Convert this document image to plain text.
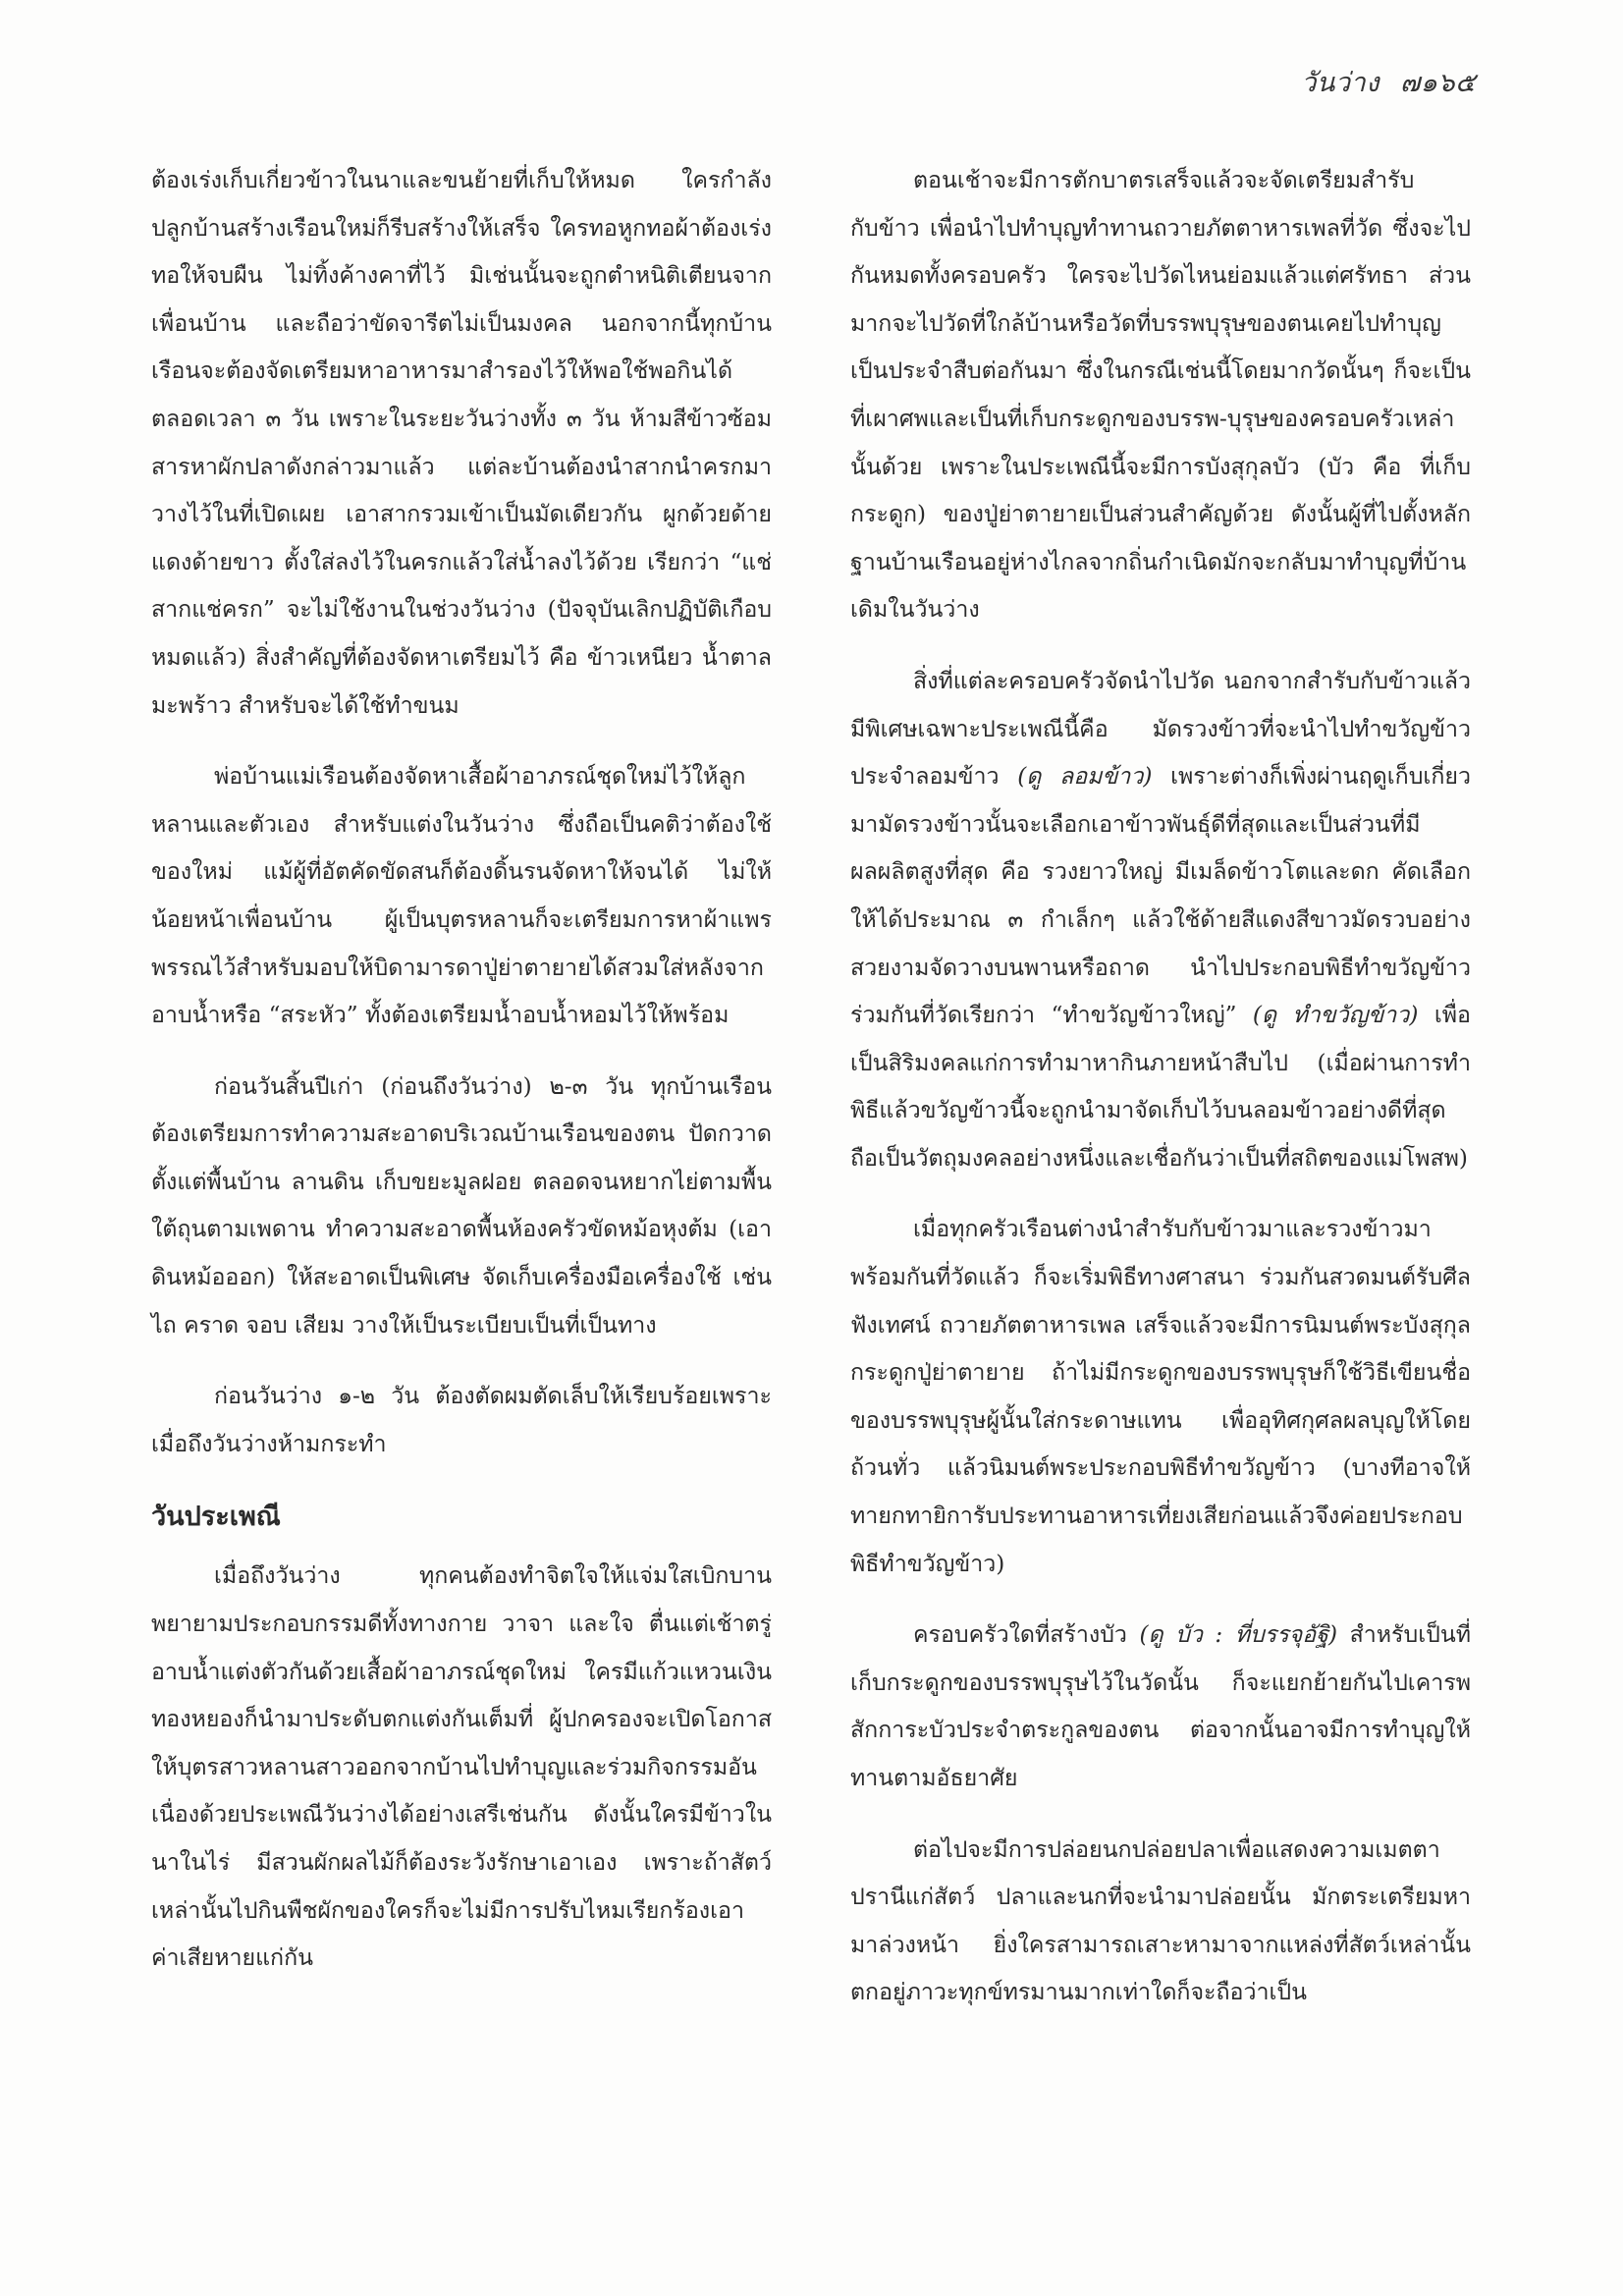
วันว่าง ๗๑๖๕

ต้องเร่งเก็บเกี่ยวข้าวในนาและขนย้ายที่เก็บให้หมด ใครกำลังปลูกบ้านสร้างเรือนใหม่ก็รีบสร้างให้เสร็จ ใครทอหูกทอผ้าต้องเร่งทอให้จบผืน ไม่ทิ้งค้างคาที่ไว้ มิเช่นนั้นจะถูกตำหนิติเตียนจากเพื่อนบ้าน และถือว่าขัดจารีตไม่เป็นมงคล นอกจากนี้ทุกบ้านเรือนจะต้องจัดเตรียมหาอาหารมาสำรองไว้ให้พอใช้พอกินได้ตลอดเวลา ๓ วัน เพราะในระยะวันว่างทั้ง ๓ วัน ห้ามสีข้าวซ้อมสารหาผักปลาดังกล่าวมาแล้ว แต่ละบ้านต้องนำสากนำครกมาวางไว้ในที่เปิดเผย เอาสากรวมเข้าเป็นมัดเดียวกัน ผูกด้วยด้ายแดงด้ายขาว ตั้งใส่ลงไว้ในครกแล้วใส่น้ำลงไว้ด้วย เรียกว่า “แช่สากแช่ครก” จะไม่ใช้งานในช่วงวันว่าง (ปัจจุบันเลิกปฏิบัติเกือบหมดแล้ว) สิ่งสำคัญที่ต้องจัดหาเตรียมไว้ คือ ข้าวเหนียว น้ำตาล มะพร้าว สำหรับจะได้ใช้ทำขนม

พ่อบ้านแม่เรือนต้องจัดหาเสื้อผ้าอาภรณ์ชุดใหม่ไว้ให้ลูกหลานและตัวเอง สำหรับแต่งในวันว่าง ซึ่งถือเป็นคติว่าต้องใช้ของใหม่ แม้ผู้ที่อัตคัดขัดสนก็ต้องดิ้นรนจัดหาให้จนได้ ไม่ให้น้อยหน้าเพื่อนบ้าน ผู้เป็นบุตรหลานก็จะเตรียมการหาผ้าแพรพรรณไว้สำหรับมอบให้บิดามารดาปู่ย่าตายายได้สวมใส่หลังจากอาบน้ำหรือ “สระหัว” ทั้งต้องเตรียมน้ำอบน้ำหอมไว้ให้พร้อม

ก่อนวันสิ้นปีเก่า (ก่อนถึงวันว่าง) ๒-๓ วัน ทุกบ้านเรือนต้องเตรียมการทำความสะอาดบริเวณบ้านเรือนของตน ปัดกวาด ตั้งแต่พื้นบ้าน ลานดิน เก็บขยะมูลฝอย ตลอดจนหยากไย่ตามพื้นใต้ถุนตามเพดาน ทำความสะอาดพื้นห้องครัวขัดหม้อหุงต้ม (เอาดินหม้อออก) ให้สะอาดเป็นพิเศษ จัดเก็บเครื่องมือเครื่องใช้ เช่น ไถ คราด จอบ เสียม วางให้เป็นระเบียบเป็นที่เป็นทาง

ก่อนวันว่าง ๑-๒ วัน ต้องตัดผมตัดเล็บให้เรียบร้อยเพราะเมื่อถึงวันว่างห้ามกระทำ

วันประเพณี

เมื่อถึงวันว่าง ทุกคนต้องทำจิตใจให้แจ่มใสเบิกบานพยายามประกอบกรรมดีทั้งทางกาย วาจา และใจ ตื่นแต่เช้าตรู่อาบน้ำแต่งตัวกันด้วยเสื้อผ้าอาภรณ์ชุดใหม่ ใครมีแก้วแหวนเงินทองหยองก็นำมาประดับตกแต่งกันเต็มที่ ผู้ปกครองจะเปิดโอกาสให้บุตรสาวหลานสาวออกจากบ้านไปทำบุญและร่วมกิจกรรมอันเนื่องด้วยประเพณีวันว่างได้อย่างเสรีเช่นกัน ดังนั้นใครมีข้าวในนาในไร่ มีสวนผักผลไม้ก็ต้องระวังรักษาเอาเอง เพราะถ้าสัตว์เหล่านั้นไปกินพืชผักของใครก็จะไม่มีการปรับไหมเรียกร้องเอาค่าเสียหายแก่กัน

ตอนเช้าจะมีการตักบาตรเสร็จแล้วจะจัดเตรียมสำรับกับข้าว เพื่อนำไปทำบุญทำทานถวายภัตตาหารเพลที่วัด ซึ่งจะไปกันหมดทั้งครอบครัว ใครจะไปวัดไหนย่อมแล้วแต่ศรัทธา ส่วนมากจะไปวัดที่ใกล้บ้านหรือวัดที่บรรพบุรุษของตนเคยไปทำบุญเป็นประจำสืบต่อกันมา ซึ่งในกรณีเช่นนี้โดยมากวัดนั้นๆ ก็จะเป็นที่เผาศพและเป็นที่เก็บกระดูกของบรรพ-บุรุษของครอบครัวเหล่านั้นด้วย เพราะในประเพณีนี้จะมีการบังสุกุลบัว (บัว คือ ที่เก็บกระดูก) ของปู่ย่าตายายเป็นส่วนสำคัญด้วย ดังนั้นผู้ที่ไปตั้งหลักฐานบ้านเรือนอยู่ห่างไกลจากถิ่นกำเนิดมักจะกลับมาทำบุญที่บ้านเดิมในวันว่าง

สิ่งที่แต่ละครอบครัวจัดนำไปวัด นอกจากสำรับกับข้าวแล้วมีพิเศษเฉพาะประเพณีนี้คือ มัดรวงข้าวที่จะนำไปทำขวัญข้าวประจำลอมข้าว (ดู ลอมข้าว) เพราะต่างก็เพิ่งผ่านฤดูเก็บเกี่ยว มามัดรวงข้าวนั้นจะเลือกเอาข้าวพันธุ์ดีที่สุดและเป็นส่วนที่มีผลผลิตสูงที่สุด คือ รวงยาวใหญ่ มีเมล็ดข้าวโตและดก คัดเลือกให้ได้ประมาณ ๓ กำเล็กๆ แล้วใช้ด้ายสีแดงสีขาวมัดรวบอย่างสวยงามจัดวางบนพานหรือถาด นำไปประกอบพิธีทำขวัญข้าวร่วมกันที่วัดเรียกว่า “ทำขวัญข้าวใหญ่” (ดู ทำขวัญข้าว) เพื่อเป็นสิริมงคลแก่การทำมาหากินภายหน้าสืบไป (เมื่อผ่านการทำพิธีแล้วขวัญข้าวนี้จะถูกนำมาจัดเก็บไว้บนลอมข้าวอย่างดีที่สุด ถือเป็นวัตถุมงคลอย่างหนึ่งและเชื่อกันว่าเป็นที่สถิตของแม่โพสพ)

เมื่อทุกครัวเรือนต่างนำสำรับกับข้าวมาและรวงข้าวมาพร้อมกันที่วัดแล้ว ก็จะเริ่มพิธีทางศาสนา ร่วมกันสวดมนต์รับศีลฟังเทศน์ ถวายภัตตาหารเพล เสร็จแล้วจะมีการนิมนต์พระบังสุกุลกระดูกปู่ย่าตายาย ถ้าไม่มีกระดูกของบรรพบุรุษก็ใช้วิธีเขียนชื่อของบรรพบุรุษผู้นั้นใส่กระดาษแทน เพื่ออุทิศกุศลผลบุญให้โดยถ้วนทั่ว แล้วนิมนต์พระประกอบพิธีทำขวัญข้าว (บางทีอาจให้ทายกทายิการับประทานอาหารเที่ยงเสียก่อนแล้วจึงค่อยประกอบพิธีทำขวัญข้าว)

ครอบครัวใดที่สร้างบัว (ดู บัว : ที่บรรจุอัฐิ) สำหรับเป็นที่เก็บกระดูกของบรรพบุรุษไว้ในวัดนั้น ก็จะแยกย้ายกันไปเคารพสักการะบัวประจำตระกูลของตน ต่อจากนั้นอาจมีการทำบุญให้ทานตามอัธยาศัย

ต่อไปจะมีการปล่อยนกปล่อยปลาเพื่อแสดงความเมตตาปรานีแก่สัตว์ ปลาและนกที่จะนำมาปล่อยนั้น มักตระเตรียมหามาล่วงหน้า ยิ่งใครสามารถเสาะหามาจากแหล่งที่สัตว์เหล่านั้นตกอยู่ภาวะทุกข์ทรมานมากเท่าใดก็จะถือว่าเป็น
